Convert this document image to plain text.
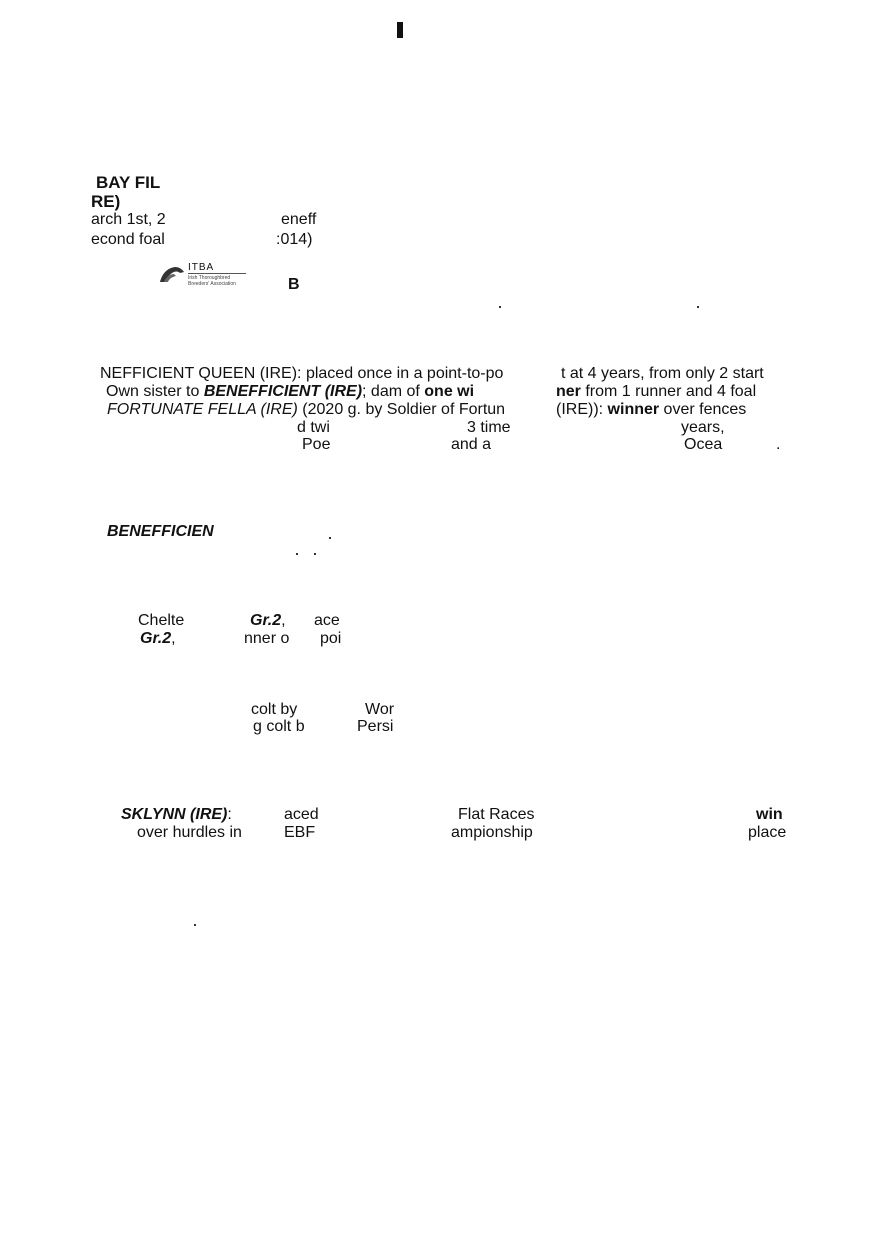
BAY FIL
RE)
arch 1st, 2	eneff
econd foal	:014)
ITBA
Irish Thoroughbred Breeders' Association	B
NEFFICIENT QUEEN (IRE): placed once in a point-to-po	t at 4 years, from only 2 start
Own sister to BENEFFICIENT (IRE); dam of one wi	ner from 1 runner and 4 foal
FORTUNATE FELLA (IRE) (2020 g. by Soldier of Fortun	(IRE)): winner over fences
d twi	3 time	years,
Poe	and a	Ocea	.
BENEFFICIEN
Chelte	Gr.2, ace
Gr.2,	nner o poi
colt by	Wor
g colt b	Persi
SKLYNN (IRE):	aced	Flat Races	win
over hurdles in	EBF	ampionship	place
